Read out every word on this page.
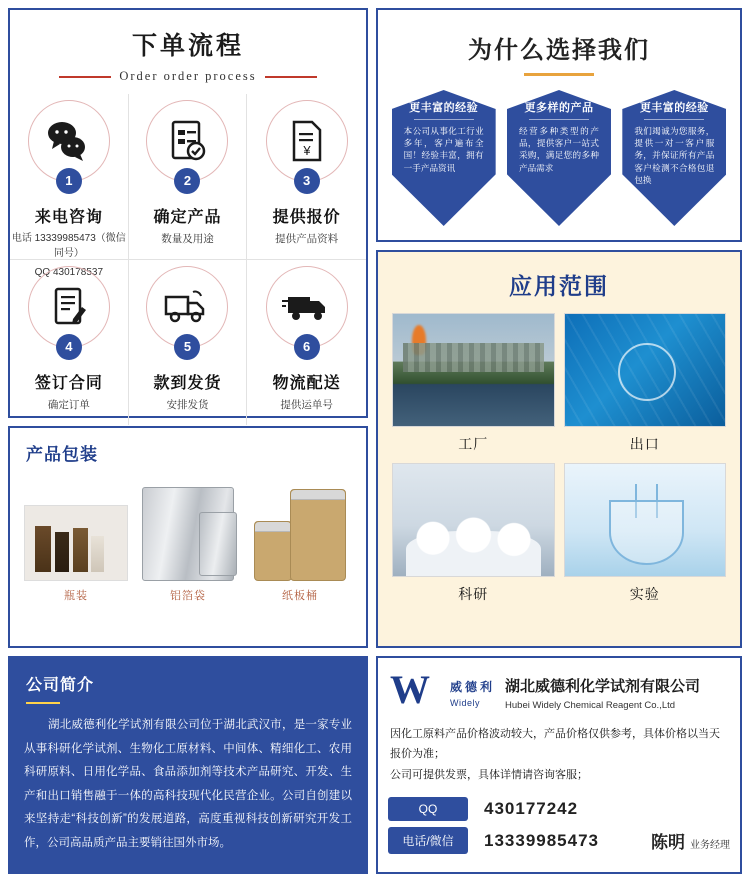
下单流程
Order order process
1
来电咨询
电话 13339985473（微信同号）
QQ 430178537
2
确定产品
数量及用途
¥
3
提供报价
提供产品资料
4
签订合同
确定订单
5
款到发货
安排发货
6
物流配送
提供运单号
为什么选择我们
更丰富的经验
本公司从事化工行业多年，客户遍布全国！经验丰富，拥有一手产品资讯
更多样的产品
经营多种类型的产品，提供客户一站式采购，满足您的多种产品需求
更丰富的经验
我们竭诚为您服务，提供一对一客户服务，并保证所有产品客户检测不合格包退包换
应用范围
工厂	出口
科研	实验
产品包装
瓶装	铝箔袋	纸板桶
公司简介
湖北威德利化学试剂有限公司位于湖北武汉市，是一家专业从事科研化学试剂、生物化工原材料、中间体、精细化工、农用科研原料、日用化学品、食品添加剂等技术产品研究、开发、生产和出口销售融于一体的高科技现代化民营企业。公司自创建以来坚持走“科技创新”的发展道路，高度重视科技创新研究开发工作，公司高品质产品主要销往国外市场。
W	威德利
Widely
湖北威德利化学试剂有限公司
Hubei Widely Chemical Reagent Co.,Ltd
因化工原料产品价格波动较大，产品价格仅供参考，具体价格以当天报价为准；
公司可提供发票，具体详情请咨询客服；
QQ	430177242
电话/微信	13339985473	陈明 业务经理
